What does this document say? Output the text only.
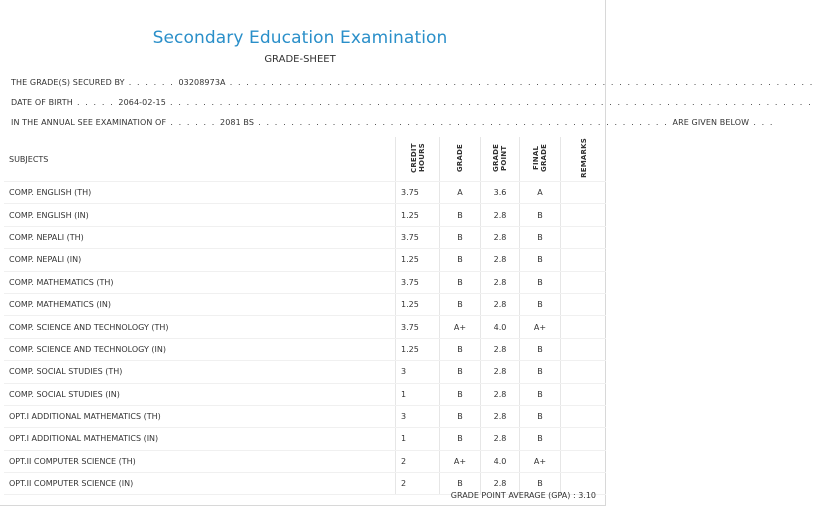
Secondary Education Examination
GRADE-SHEET
THE GRADE(S) SECURED BY . . . . . . 03208973A . . . . . . . . . . . . . . . . . . . . . . . . . . . . . . . . . . . . . . . . . . . . . . . . . . . . . . . . . . . . . . . . . . . . . . .
DATE OF BIRTH . . . . . 2064-02-15 . . . . . . . . . . . . . . . . . . . . . . . . . . . . . . . . . . . . . . . . . . . . . . . . . . . . . . . . . . . . . . . . . . . . . . . . . . . . . .
IN THE ANNUAL SEE EXAMINATION OF . . . . . . 2081 BS . . . . . . . . . . . . . . . . . . . . . . . . . . . . . . . . . . . . . . . . . . . . . . . . . . ARE GIVEN BELOW . . .
SUBJECTS	CREDIT HOURS	GRADE	GRADE POINT	FINAL GRADE	REMARKS
COMP. ENGLISH (TH)	3.75	A	3.6	A	
COMP. ENGLISH (IN)	1.25	B	2.8	B	
COMP. NEPALI (TH)	3.75	B	2.8	B	
COMP. NEPALI (IN)	1.25	B	2.8	B	
COMP. MATHEMATICS (TH)	3.75	B	2.8	B	
COMP. MATHEMATICS (IN)	1.25	B	2.8	B	
COMP. SCIENCE AND TECHNOLOGY (TH)	3.75	A+	4.0	A+	
COMP. SCIENCE AND TECHNOLOGY (IN)	1.25	B	2.8	B	
COMP. SOCIAL STUDIES (TH)	3	B	2.8	B	
COMP. SOCIAL STUDIES (IN)	1	B	2.8	B	
OPT.I ADDITIONAL MATHEMATICS (TH)	3	B	2.8	B	
OPT.I ADDITIONAL MATHEMATICS (IN)	1	B	2.8	B	
OPT.II COMPUTER SCIENCE (TH)	2	A+	4.0	A+	
OPT.II COMPUTER SCIENCE (IN)	2	B	2.8	B	
GRADE POINT AVERAGE (GPA) : 3.10
